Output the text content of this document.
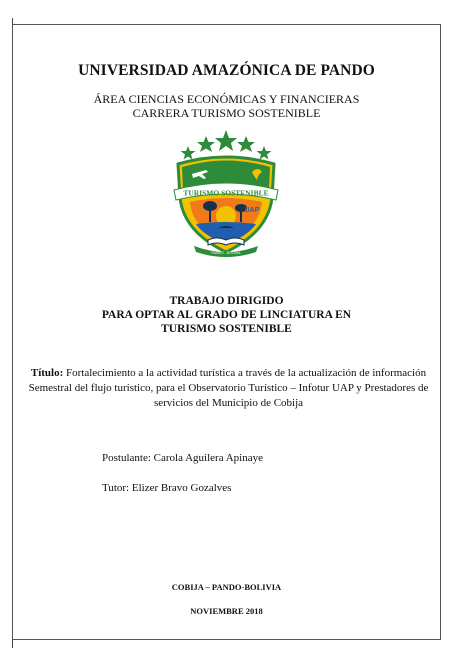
UNIVERSIDAD AMAZÓNICA DE PANDO
ÁREA CIENCIAS ECONÓMICAS Y FINANCIERAS
CARRERA TURISMO SOSTENIBLE
TURISMO SOSTENIBLE
UAP
PANDO - BOLIVIA
TRABAJO DIRIGIDO
PARA OPTAR AL GRADO DE LINCIATURA EN
TURISMO SOSTENIBLE
Título: Fortalecimiento a la actividad turística a través de la actualización de información Semestral del flujo turístico, para el Observatorio Turístico – Infotur UAP y Prestadores de servicios del Municipio de Cobija
Postulante: Carola Aguilera Apinaye
Tutor: Elizer Bravo Gozalves
COBIJA – PANDO-BOLIVIA
NOVIEMBRE 2018
